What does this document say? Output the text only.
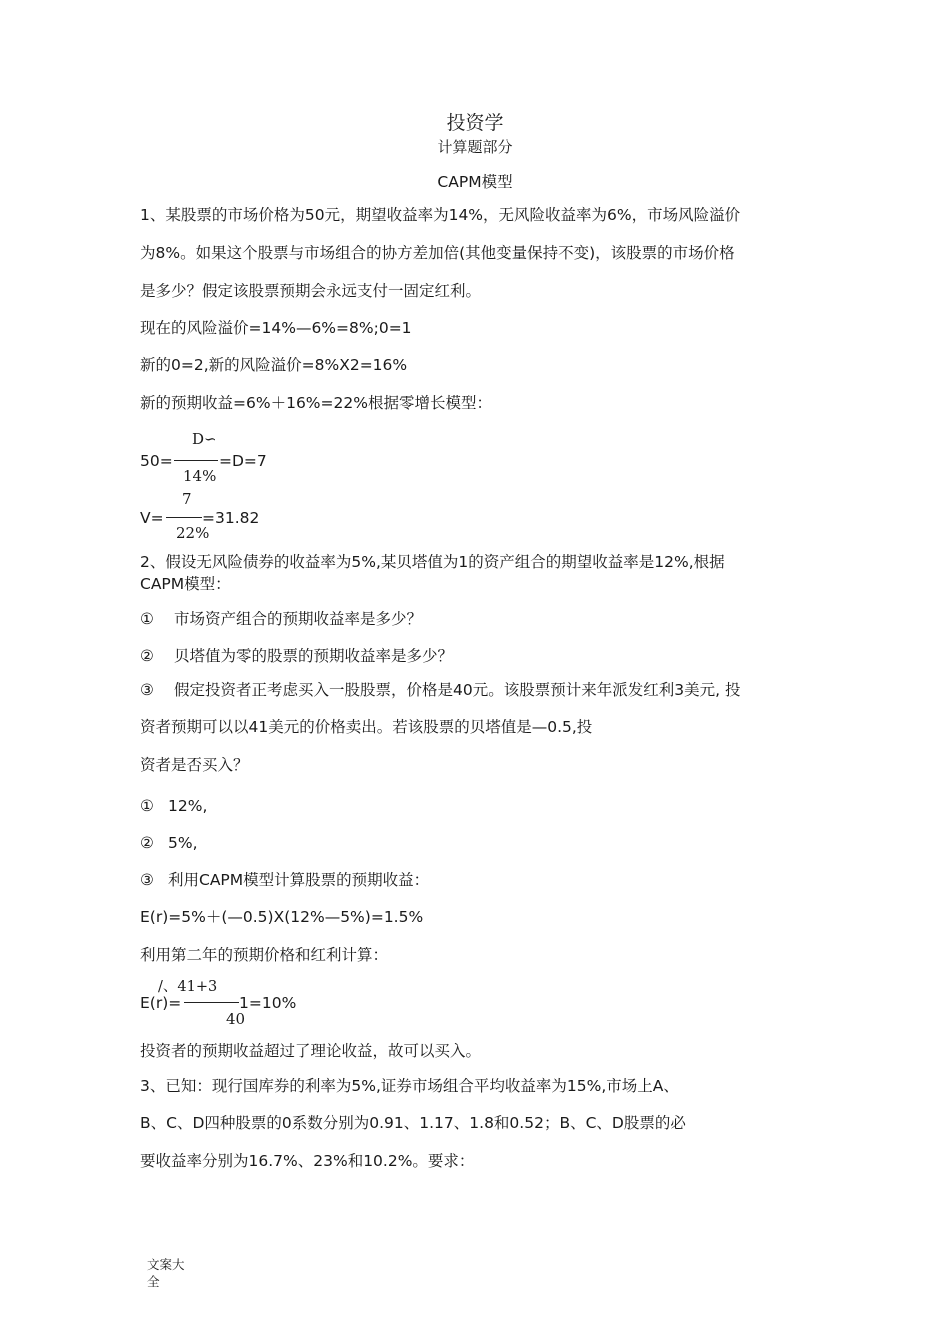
投资学
计算题部分
CAPM模型
1、某股票的市场价格为50元，期望收益率为14%，无风险收益率为6%，市场风险溢价
为8%。如果这个股票与市场组合的协方差加倍(其他变量保持不变)，该股票的市场价格
是多少？假定该股票预期会永远支付一固定红利。
现在的风险溢价=14%—6%=8%;0=1
新的0=2,新的风险溢价=8%X2=16%
新的预期收益=6%＋16%=22%根据零增长模型：
D∽
50=	=D=7
14%
7
V= =31.82
22%
2、假设无风险债券的收益率为5%,某贝塔值为1的资产组合的期望收益率是12%,根据
CAPM模型：
① 市场资产组合的预期收益率是多少？
② 贝塔值为零的股票的预期收益率是多少？
③ 假定投资者正考虑买入一股股票，价格是40元。该股票预计来年派发红利3美元, 投
资者预期可以以41美元的价格卖出。若该股票的贝塔值是—0.5,投
资者是否买入？
① 12%,
② 5%,
③ 利用CAPM模型计算股票的预期收益：
E(r)=5%＋(—0.5)X(12%—5%)=1.5%
利用第二年的预期价格和红利计算：
/、41+3
E(r)=	1=10%
40
投资者的预期收益超过了理论收益，故可以买入。
3、已知：现行国库券的利率为5%,证券市场组合平均收益率为15%,市场上A、
B、C、D四种股票的0系数分别为0.91、1.17、1.8和0.52；B、C、D股票的必
要收益率分别为16.7%、23%和10.2%。要求：
文案大全
